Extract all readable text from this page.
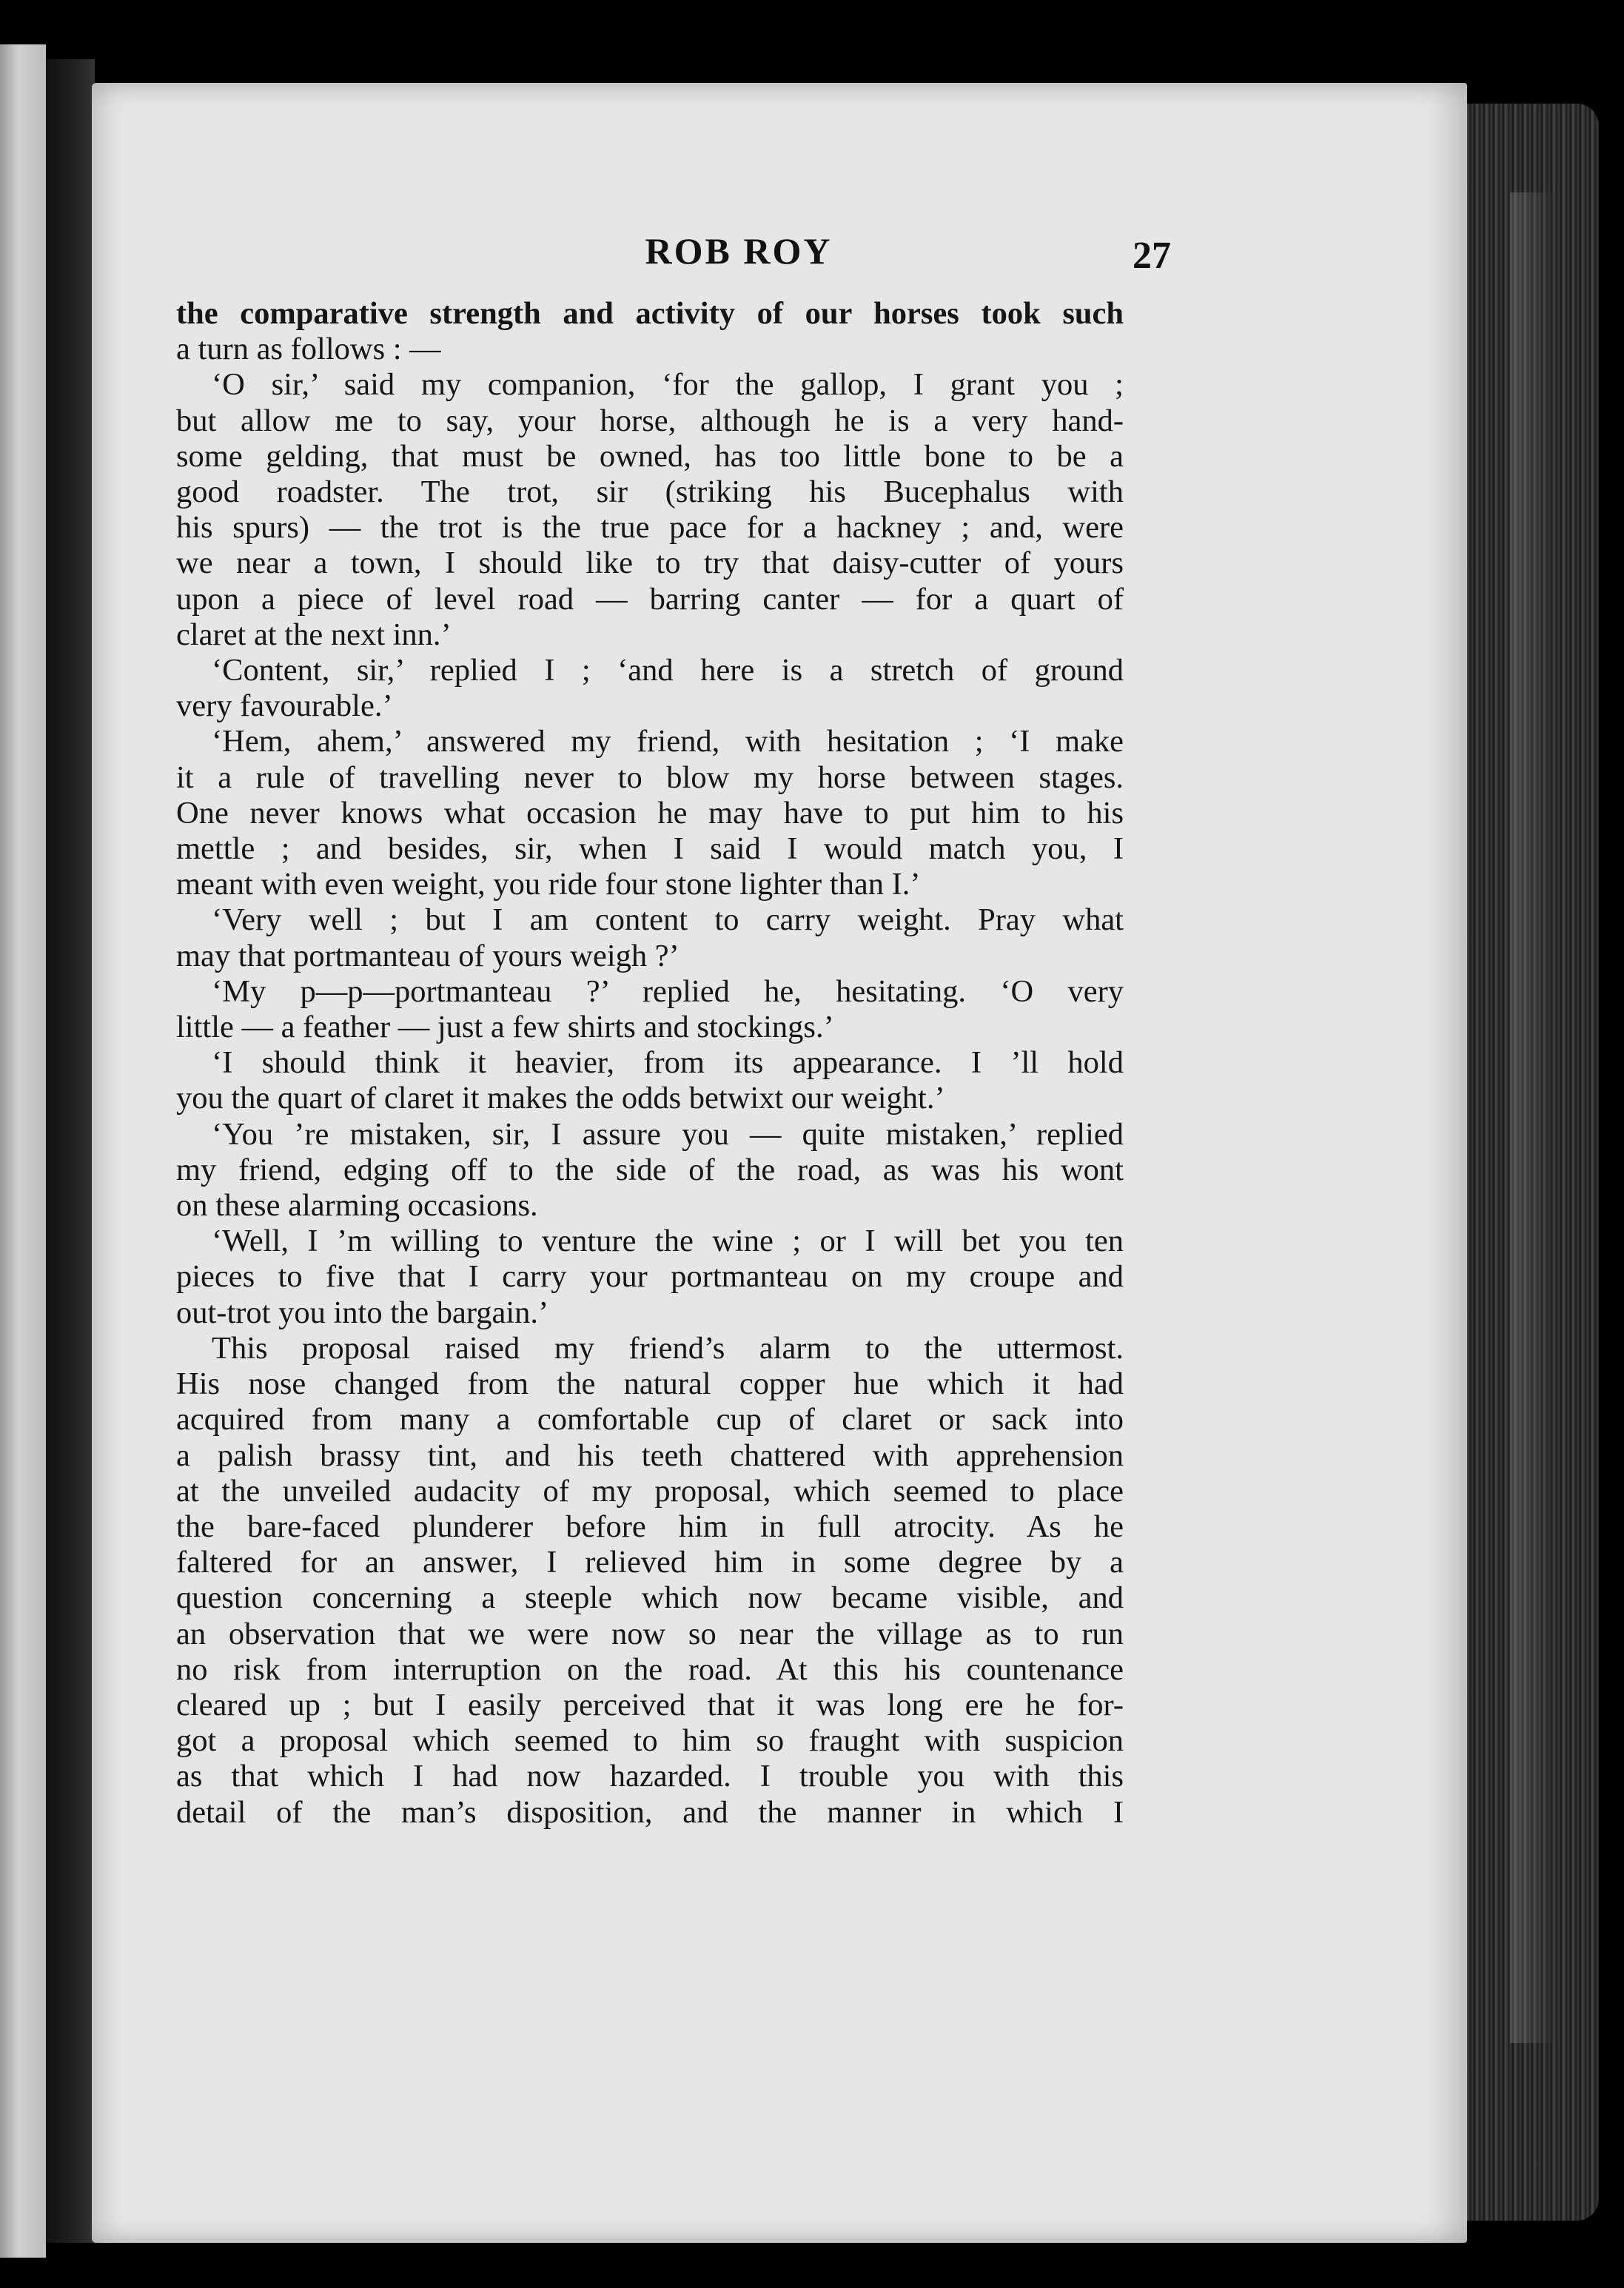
ROB ROY	27
the comparative strength and activity of our horses took such
a turn as follows : —
‘O sir,’ said my companion, ‘for the gallop, I grant you ;
but allow me to say, your horse, although he is a very hand-
some gelding, that must be owned, has too little bone to be a
good roadster. The trot, sir (striking his Bucephalus with
his spurs) — the trot is the true pace for a hackney ; and, were
we near a town, I should like to try that daisy-cutter of yours
upon a piece of level road — barring canter — for a quart of
claret at the next inn.’
‘Content, sir,’ replied I ; ‘and here is a stretch of ground
very favourable.’
‘Hem, ahem,’ answered my friend, with hesitation ; ‘I make
it a rule of travelling never to blow my horse between stages.
One never knows what occasion he may have to put him to his
mettle ; and besides, sir, when I said I would match you, I
meant with even weight, you ride four stone lighter than I.’
‘Very well ; but I am content to carry weight. Pray what
may that portmanteau of yours weigh ?’
‘My p—p—portmanteau ?’ replied he, hesitating. ‘O very
little — a feather — just a few shirts and stockings.’
‘I should think it heavier, from its appearance. I ’ll hold
you the quart of claret it makes the odds betwixt our weight.’
‘You ’re mistaken, sir, I assure you — quite mistaken,’ replied
my friend, edging off to the side of the road, as was his wont
on these alarming occasions.
‘Well, I ’m willing to venture the wine ; or I will bet you ten
pieces to five that I carry your portmanteau on my croupe and
out-trot you into the bargain.’
This proposal raised my friend’s alarm to the uttermost.
His nose changed from the natural copper hue which it had
acquired from many a comfortable cup of claret or sack into
a palish brassy tint, and his teeth chattered with apprehension
at the unveiled audacity of my proposal, which seemed to place
the bare-faced plunderer before him in full atrocity. As he
faltered for an answer, I relieved him in some degree by a
question concerning a steeple which now became visible, and
an observation that we were now so near the village as to run
no risk from interruption on the road. At this his countenance
cleared up ; but I easily perceived that it was long ere he for-
got a proposal which seemed to him so fraught with suspicion
as that which I had now hazarded. I trouble you with this
detail of the man’s disposition, and the manner in which I
